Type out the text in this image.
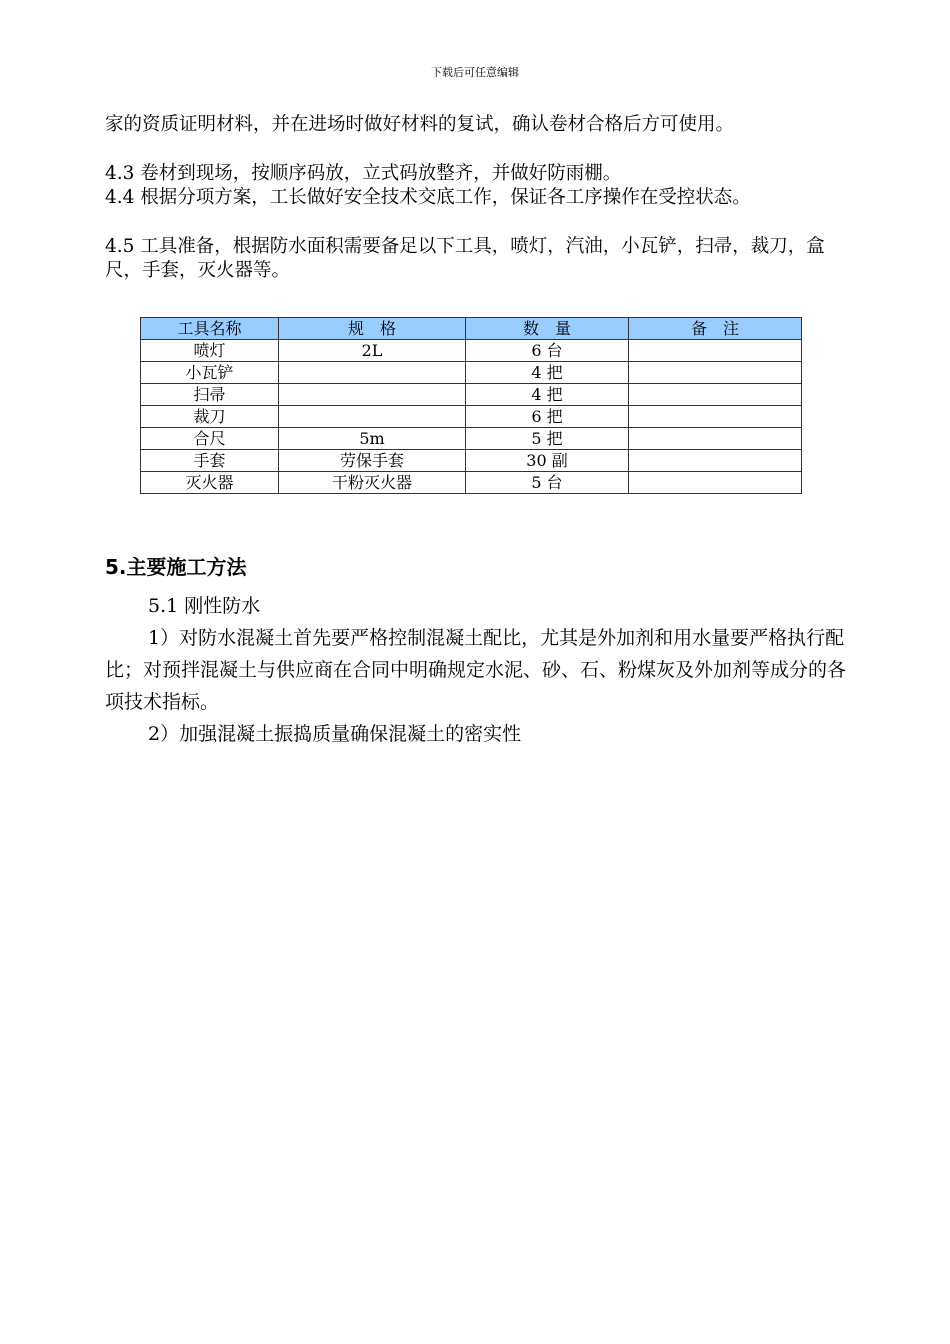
下载后可任意编辑

家的资质证明材料，并在进场时做好材料的复试，确认卷材合格后方可使用。

4.3 卷材到现场，按顺序码放，立式码放整齐，并做好防雨棚。

4.4 根据分项方案，工长做好安全技术交底工作，保证各工序操作在受控状态。

4.5 工具准备，根据防水面积需要备足以下工具，喷灯，汽油，小瓦铲，扫帚，裁刀，盒尺，手套，灭火器等。

工具名称	规　格	数　量	备　注
喷灯	2L	6 台	
小瓦铲		4 把	
扫帚		4 把	
裁刀		6 把	
合尺	5m	5 把	
手套	劳保手套	30 副	
灭火器	干粉灭火器	5 台	
5.主要施工方法

5.1 刚性防水

1）对防水混凝土首先要严格控制混凝土配比，尤其是外加剂和用水量要严格执行配比；对预拌混凝土与供应商在合同中明确规定水泥、砂、石、粉煤灰及外加剂等成分的各项技术指标。

2）加强混凝土振捣质量确保混凝土的密实性
